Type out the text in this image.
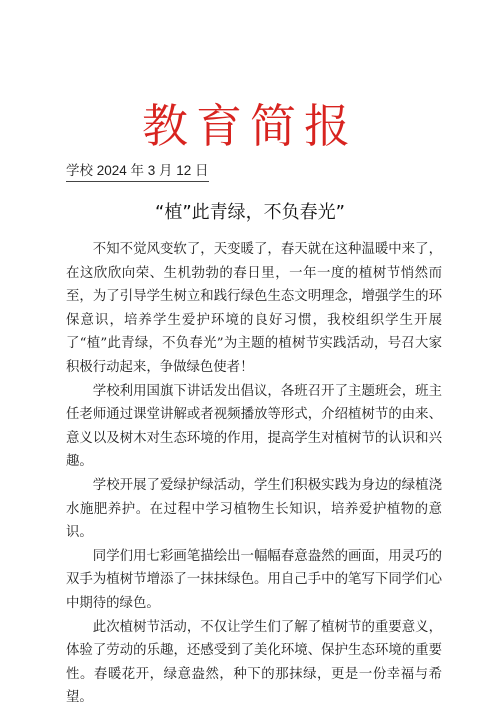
教育简报
学校 2024 年 3 月 12 日
“植”此青绿，不负春光”

不知不觉风变软了，天变暖了，春天就在这种温暖中来了，在这欣欣向荣、生机勃勃的春日里，一年一度的植树节悄然而至，为了引导学生树立和践行绿色生态文明理念，增强学生的环保意识，培养学生爱护环境的良好习惯，我校组织学生开展了“植”此青绿，不负春光”为主题的植树节实践活动，号召大家积极行动起来，争做绿色使者！

学校利用国旗下讲话发出倡议，各班召开了主题班会，班主任老师通过课堂讲解或者视频播放等形式，介绍植树节的由来、意义以及树木对生态环境的作用，提高学生对植树节的认识和兴趣。

学校开展了爱绿护绿活动，学生们积极实践为身边的绿植浇水施肥养护。在过程中学习植物生长知识，培养爱护植物的意识。

同学们用七彩画笔描绘出一幅幅春意盎然的画面，用灵巧的双手为植树节增添了一抹抹绿色。用自己手中的笔写下同学们心中期待的绿色。

此次植树节活动，不仅让学生们了解了植树节的重要意义，体验了劳动的乐趣，还感受到了美化环境、保护生态环境的重要性。春暖花开，绿意盎然，种下的那抹绿，更是一份幸福与希望。
